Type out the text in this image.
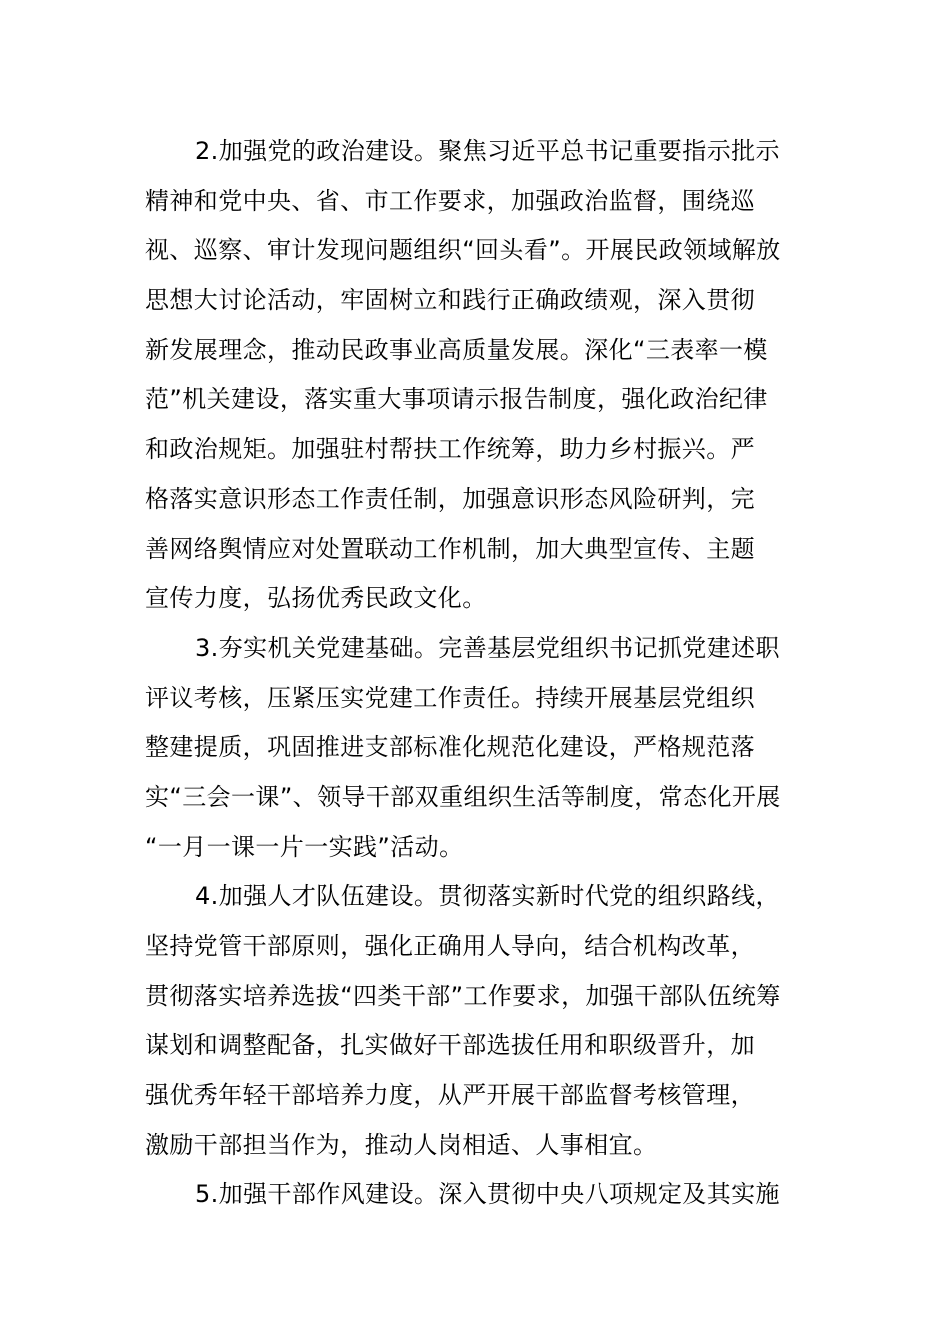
2.加强党的政治建设。聚焦习近平总书记重要指示批示
精神和党中央、省、市工作要求，加强政治监督，围绕巡
视、巡察、审计发现问题组织“回头看”。开展民政领域解放
思想大讨论活动，牢固树立和践行正确政绩观，深入贯彻
新发展理念，推动民政事业高质量发展。深化“三表率一模
范”机关建设，落实重大事项请示报告制度，强化政治纪律
和政治规矩。加强驻村帮扶工作统筹，助力乡村振兴。严
格落实意识形态工作责任制，加强意识形态风险研判，完
善网络舆情应对处置联动工作机制，加大典型宣传、主题
宣传力度，弘扬优秀民政文化。
3.夯实机关党建基础。完善基层党组织书记抓党建述职
评议考核，压紧压实党建工作责任。持续开展基层党组织
整建提质，巩固推进支部标准化规范化建设，严格规范落
实“三会一课”、领导干部双重组织生活等制度，常态化开展
“一月一课一片一实践”活动。
4.加强人才队伍建设。贯彻落实新时代党的组织路线，
坚持党管干部原则，强化正确用人导向，结合机构改革，
贯彻落实培养选拔“四类干部”工作要求，加强干部队伍统筹
谋划和调整配备，扎实做好干部选拔任用和职级晋升，加
强优秀年轻干部培养力度，从严开展干部监督考核管理，
激励干部担当作为，推动人岗相适、人事相宜。
5.加强干部作风建设。深入贯彻中央八项规定及其实施
